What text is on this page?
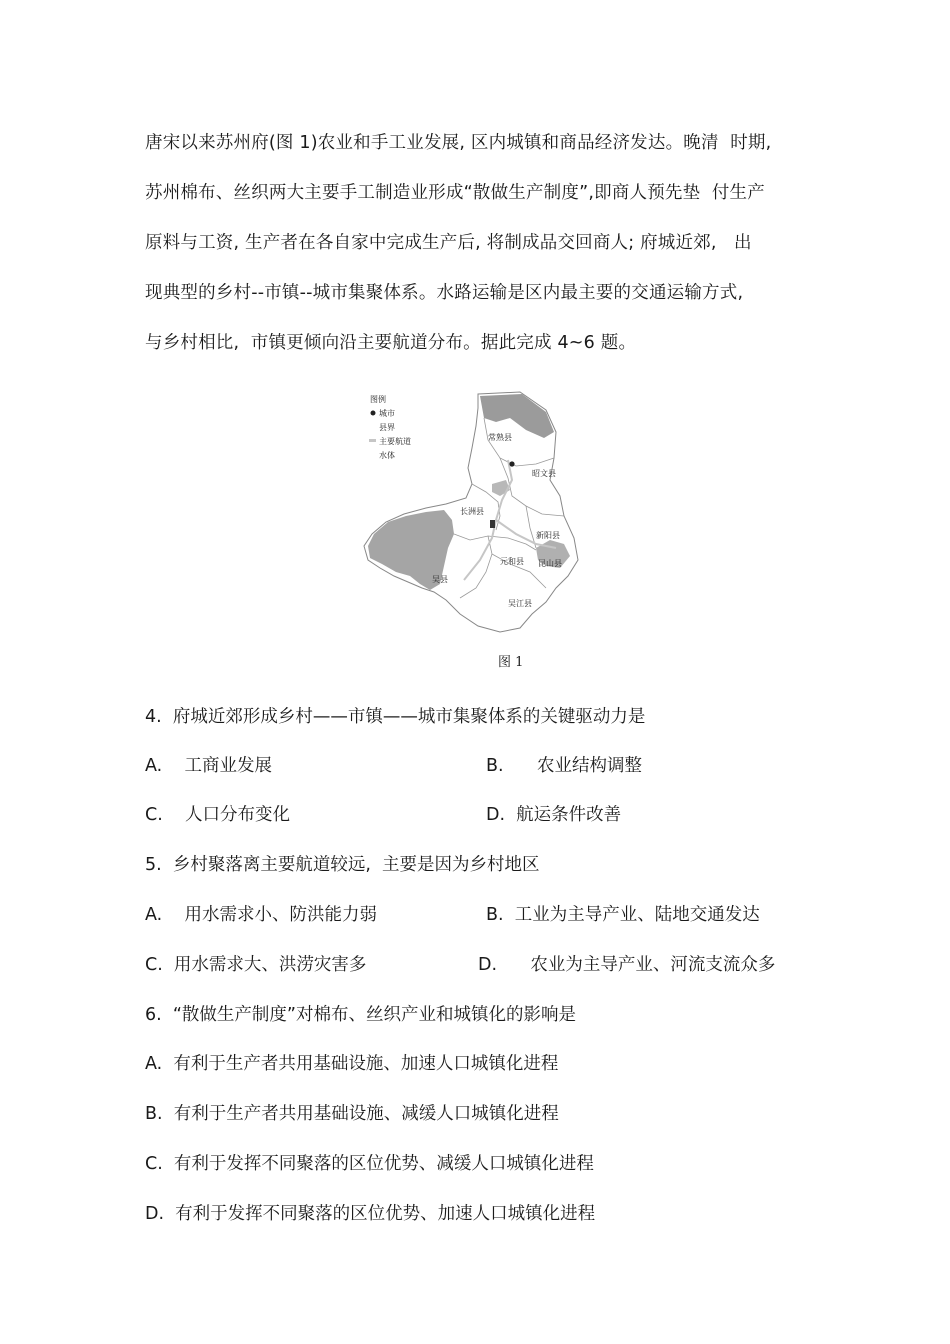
唐宋以来苏州府(图 1)农业和手工业发展, 区内城镇和商品经济发达。晚清  时期,
苏州棉布、丝织两大主要手工制造业形成“散做生产制度”,即商人预先垫  付生产
原料与工资, 生产者在各自家中完成生产后, 将制成品交回商人; 府城近郊,   出
现典型的乡村--市镇--城市集聚体系。水路运输是区内最主要的交通运输方式,
与乡村相比,  市镇更倾向沿主要航道分布。据此完成 4~6 题。
图例
城市
县界
主要航道
水体
常熟县
昭文县
长洲县
新阳县
元和县 昆山县
吴县
吴江县
图 1
4.  府城近郊形成乡村——市镇——城市集聚体系的关键驱动力是
A.    工商业发展	B.      农业结构调整
C.    人口分布变化	D.  航运条件改善
5.  乡村聚落离主要航道较远,  主要是因为乡村地区
A.    用水需求小、防洪能力弱	B.  工业为主导产业、陆地交通发达
C.  用水需求大、洪涝灾害多	D.      农业为主导产业、河流支流众多
6.  “散做生产制度”对棉布、丝织产业和城镇化的影响是
A.  有利于生产者共用基础设施、加速人口城镇化进程
B.  有利于生产者共用基础设施、减缓人口城镇化进程
C.  有利于发挥不同聚落的区位优势、减缓人口城镇化进程
D.  有利于发挥不同聚落的区位优势、加速人口城镇化进程
